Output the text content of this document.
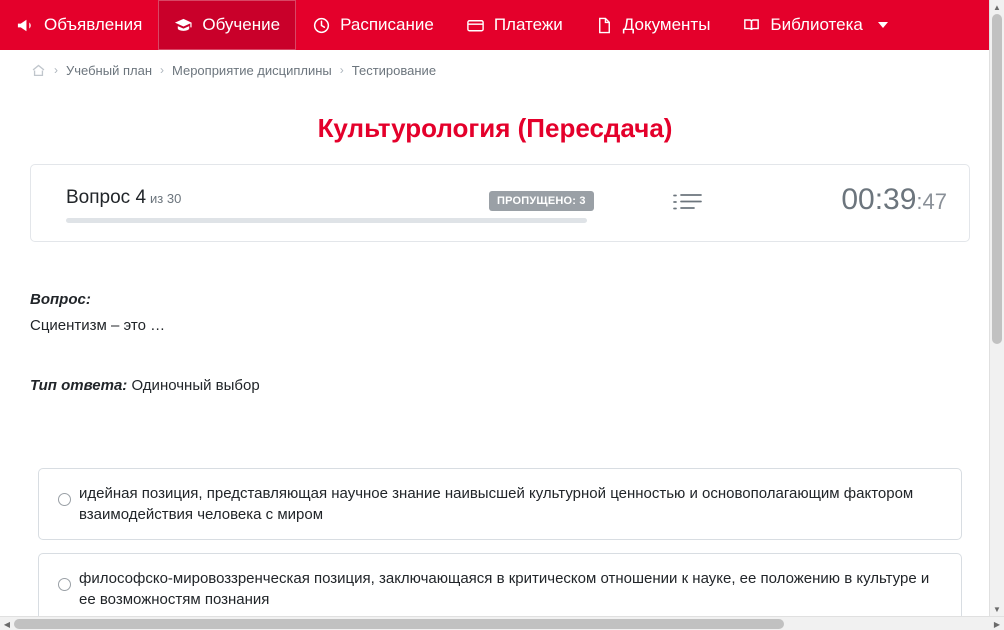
Объявления	Обучение	Расписание	Платежи	Документы	Библиотека
› Учебный план › Мероприятие дисциплины › Тестирование
Культурология (Пересдача)
Вопрос 4 из 30	ПРОПУЩЕНО: 3	00:39:47
Вопрос:
Сциентизм – это …
Тип ответа: Одиночный выбор
идейная позиция, представляющая научное знание наивысшей культурной ценностью и основополагающим фактором взаимодействия человека с миром
философско-мировоззренческая позиция, заключающаяся в критическом отношении к науке, ее положению в культуре и ее возможностям познания
▲
▼
◀	▶
